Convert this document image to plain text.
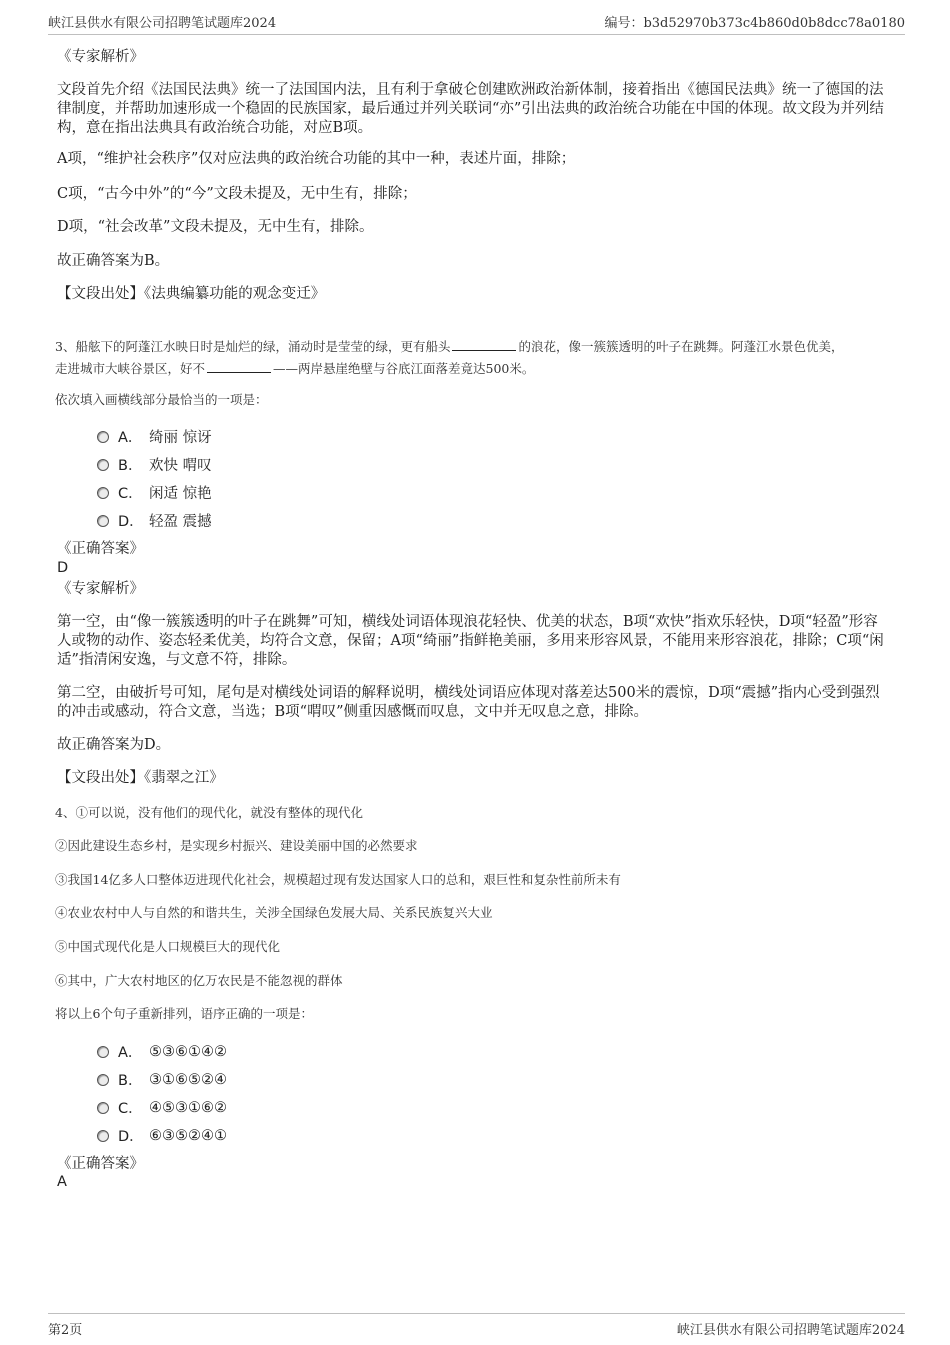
峡江县供水有限公司招聘笔试题库2024	编号：b3d52970b373c4b860d0b8dcc78a0180
《专家解析》
文段首先介绍《法国民法典》统一了法国国内法，且有利于拿破仑创建欧洲政治新体制，接着指出《德国民法典》统一了德国的法律制度，并帮助加速形成一个稳固的民族国家，最后通过并列关联词“亦”引出法典的政治统合功能在中国的体现。故文段为并列结构，意在指出法典具有政治统合功能，对应B项。
A项，“维护社会秩序”仅对应法典的政治统合功能的其中一种，表述片面，排除；
C项，“古今中外”的“今”文段未提及，无中生有，排除；
D项，“社会改革”文段未提及，无中生有，排除。
故正确答案为B。
【文段出处】《法典编纂功能的观念变迁》
3、船舷下的阿蓬江水映日时是灿烂的绿，涌动时是莹莹的绿，更有船头	的浪花，像一簇簇透明的叶子在跳舞。阿蓬江水景色优美，
走进城市大峡谷景区，好不	——两岸悬崖绝壁与谷底江面落差竟达500米。
依次填入画横线部分最恰当的一项是：
A． 绮丽 惊讶
B． 欢快 喟叹
C． 闲适 惊艳
D． 轻盈 震撼
《正确答案》
D
《专家解析》
第一空，由“像一簇簇透明的叶子在跳舞”可知，横线处词语体现浪花轻快、优美的状态，B项“欢快”指欢乐轻快，D项“轻盈”形容人或物的动作、姿态轻柔优美，均符合文意，保留；A项“绮丽”指鲜艳美丽，多用来形容风景，不能用来形容浪花，排除；C项“闲适”指清闲安逸，与文意不符，排除。
第二空，由破折号可知，尾句是对横线处词语的解释说明，横线处词语应体现对落差达500米的震惊，D项“震撼”指内心受到强烈的冲击或感动，符合文意，当选；B项“喟叹”侧重因感慨而叹息，文中并无叹息之意，排除。
故正确答案为D。
【文段出处】《翡翠之江》
4、①可以说，没有他们的现代化，就没有整体的现代化
②因此建设生态乡村，是实现乡村振兴、建设美丽中国的必然要求
③我国14亿多人口整体迈进现代化社会，规模超过现有发达国家人口的总和，艰巨性和复杂性前所未有
④农业农村中人与自然的和谐共生，关涉全国绿色发展大局、关系民族复兴大业
⑤中国式现代化是人口规模巨大的现代化
⑥其中，广大农村地区的亿万农民是不能忽视的群体
将以上6个句子重新排列，语序正确的一项是：
A． ⑤③⑥①④②
B． ③①⑥⑤②④
C． ④⑤③①⑥②
D． ⑥③⑤②④①
《正确答案》
A
第2页	峡江县供水有限公司招聘笔试题库2024
